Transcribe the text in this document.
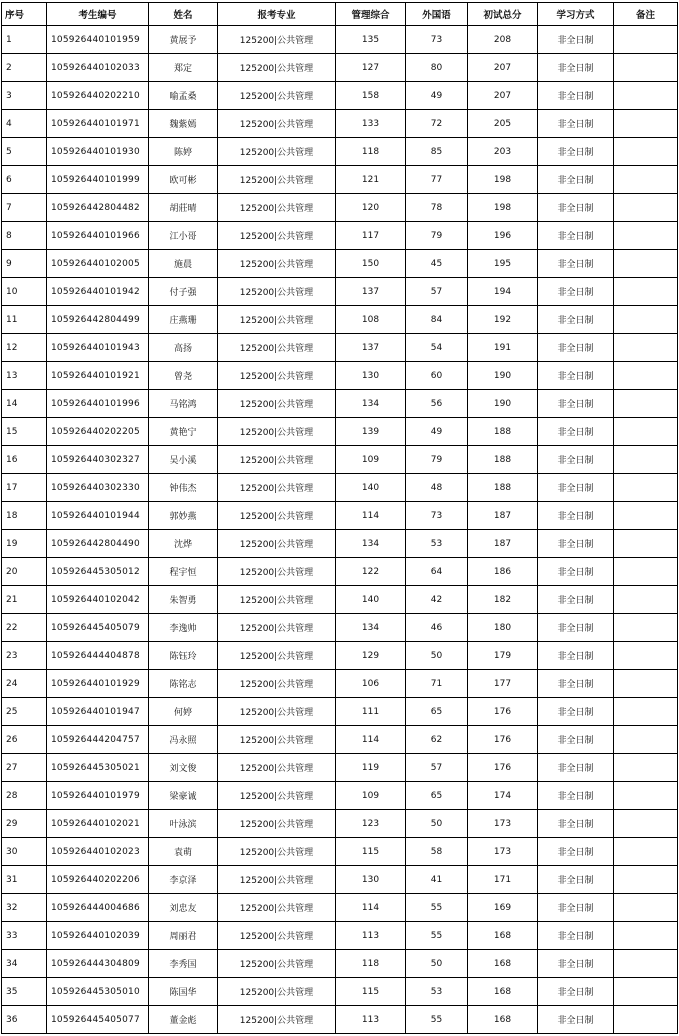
序号	考生编号	姓名	报考专业	管理综合	外国语	初试总分	学习方式	备注
1	105926440101959	黄展予	125200|公共管理	135	73	208	非全日制	
2	105926440102033	郑定	125200|公共管理	127	80	207	非全日制	
3	105926440202210	喻孟桑	125200|公共管理	158	49	207	非全日制	
4	105926440101971	魏紫嫣	125200|公共管理	133	72	205	非全日制	
5	105926440101930	陈婷	125200|公共管理	118	85	203	非全日制	
6	105926440101999	欧可彬	125200|公共管理	121	77	198	非全日制	
7	105926442804482	胡莊晴	125200|公共管理	120	78	198	非全日制	
8	105926440101966	江小哥	125200|公共管理	117	79	196	非全日制	
9	105926440102005	施晨	125200|公共管理	150	45	195	非全日制	
10	105926440101942	付子强	125200|公共管理	137	57	194	非全日制	
11	105926442804499	庄燕珊	125200|公共管理	108	84	192	非全日制	
12	105926440101943	高扬	125200|公共管理	137	54	191	非全日制	
13	105926440101921	曾尧	125200|公共管理	130	60	190	非全日制	
14	105926440101996	马铭鸿	125200|公共管理	134	56	190	非全日制	
15	105926440202205	黄艳宁	125200|公共管理	139	49	188	非全日制	
16	105926440302327	吴小溪	125200|公共管理	109	79	188	非全日制	
17	105926440302330	钟伟杰	125200|公共管理	140	48	188	非全日制	
18	105926440101944	郭妙燕	125200|公共管理	114	73	187	非全日制	
19	105926442804490	沈烨	125200|公共管理	134	53	187	非全日制	
20	105926445305012	程宇恒	125200|公共管理	122	64	186	非全日制	
21	105926440102042	朱智勇	125200|公共管理	140	42	182	非全日制	
22	105926445405079	李逸帅	125200|公共管理	134	46	180	非全日制	
23	105926444404878	陈钰玲	125200|公共管理	129	50	179	非全日制	
24	105926440101929	陈铭志	125200|公共管理	106	71	177	非全日制	
25	105926440101947	何婷	125200|公共管理	111	65	176	非全日制	
26	105926444204757	冯永照	125200|公共管理	114	62	176	非全日制	
27	105926445305021	刘文俊	125200|公共管理	119	57	176	非全日制	
28	105926440101979	梁豪诚	125200|公共管理	109	65	174	非全日制	
29	105926440102021	叶泳滨	125200|公共管理	123	50	173	非全日制	
30	105926440102023	袁萌	125200|公共管理	115	58	173	非全日制	
31	105926440202206	李京泽	125200|公共管理	130	41	171	非全日制	
32	105926444004686	刘忠友	125200|公共管理	114	55	169	非全日制	
33	105926440102039	周丽君	125200|公共管理	113	55	168	非全日制	
34	105926444304809	李秀国	125200|公共管理	118	50	168	非全日制	
35	105926445305010	陈国华	125200|公共管理	115	53	168	非全日制	
36	105926445405077	董金彪	125200|公共管理	113	55	168	非全日制	
